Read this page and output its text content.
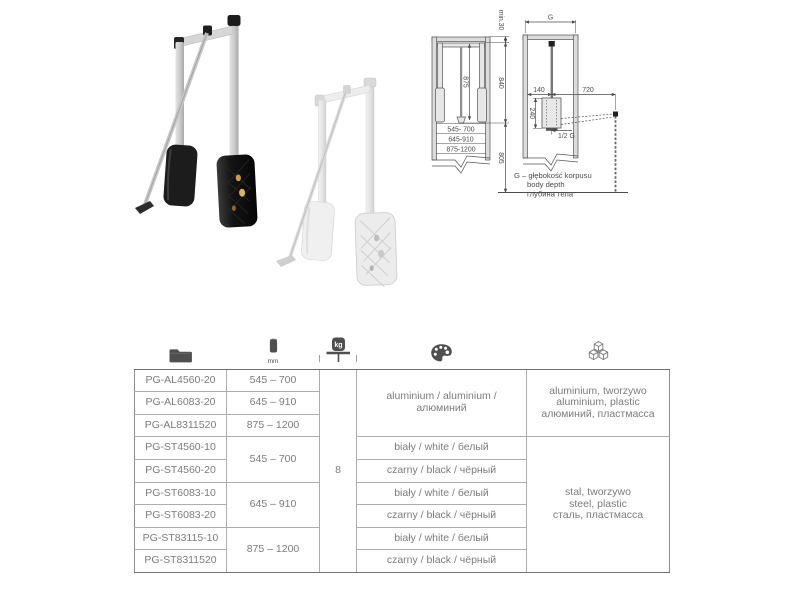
min.30
840
805
875
240
G
140	720
1/2 G
545- 700
645-910
875-1200
G – głębokość korpusu
body depth
глубина тела

mm	kg

PG-AL4560-20	545 – 700	8	aluminium / aluminium / алюминий	aluminium, tworzywo
aluminium, plastic
алюминий, пластмасса

PG-AL6083-20	645 – 910			
PG-AL8311520	875 – 1200			
PG-ST4560-10	545 – 700		biały / white / белый	stal, tworzywo
steel, plastic
сталь, пластмасса

PG-ST4560-20			czarny / black / чёрный	
PG-ST6083-10	645 – 910		biały / white / белый	
PG-ST6083-20			czarny / black / чёрный	
PG-ST83115-10	875 – 1200		biały / white / белый	
PG-ST8311520			czarny / black / чёрный	
